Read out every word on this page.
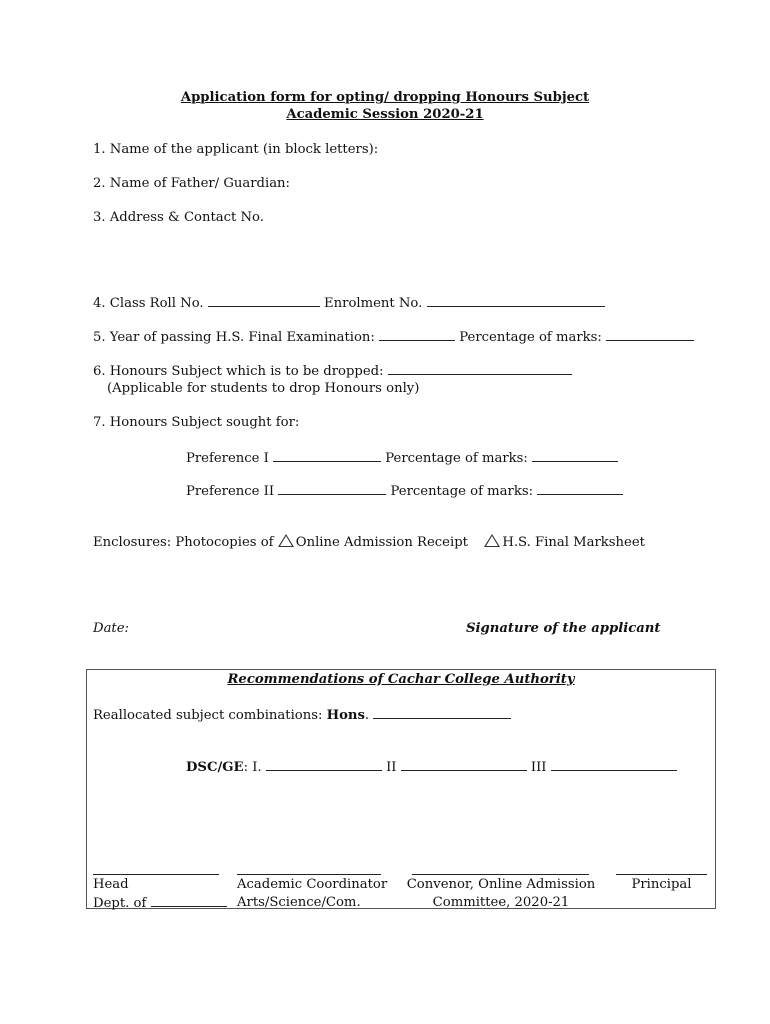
Application form for opting/ dropping Honours Subject
Academic Session 2020-21
1. Name of the applicant (in block letters):
2. Name of Father/ Guardian:
3. Address & Contact No.
4. Class Roll No.	Enrolment No.
5. Year of passing H.S. Final Examination:	Percentage of marks:
6. Honours Subject which is to be dropped:
(Applicable for students to drop Honours only)
7. Honours Subject sought for:
Preference I	Percentage of marks:
Preference II	Percentage of marks:
Enclosures: Photocopies of Online Admission Receipt	H.S. Final Marksheet
Date:	Signature of the applicant
Recommendations of Cachar College Authority
Reallocated subject combinations: Hons.
DSC/GE: I.	II	III
Head
Dept. of
Academic Coordinator
Arts/Science/Com.
Convenor, Online Admission
Committee, 2020-21
Principal
